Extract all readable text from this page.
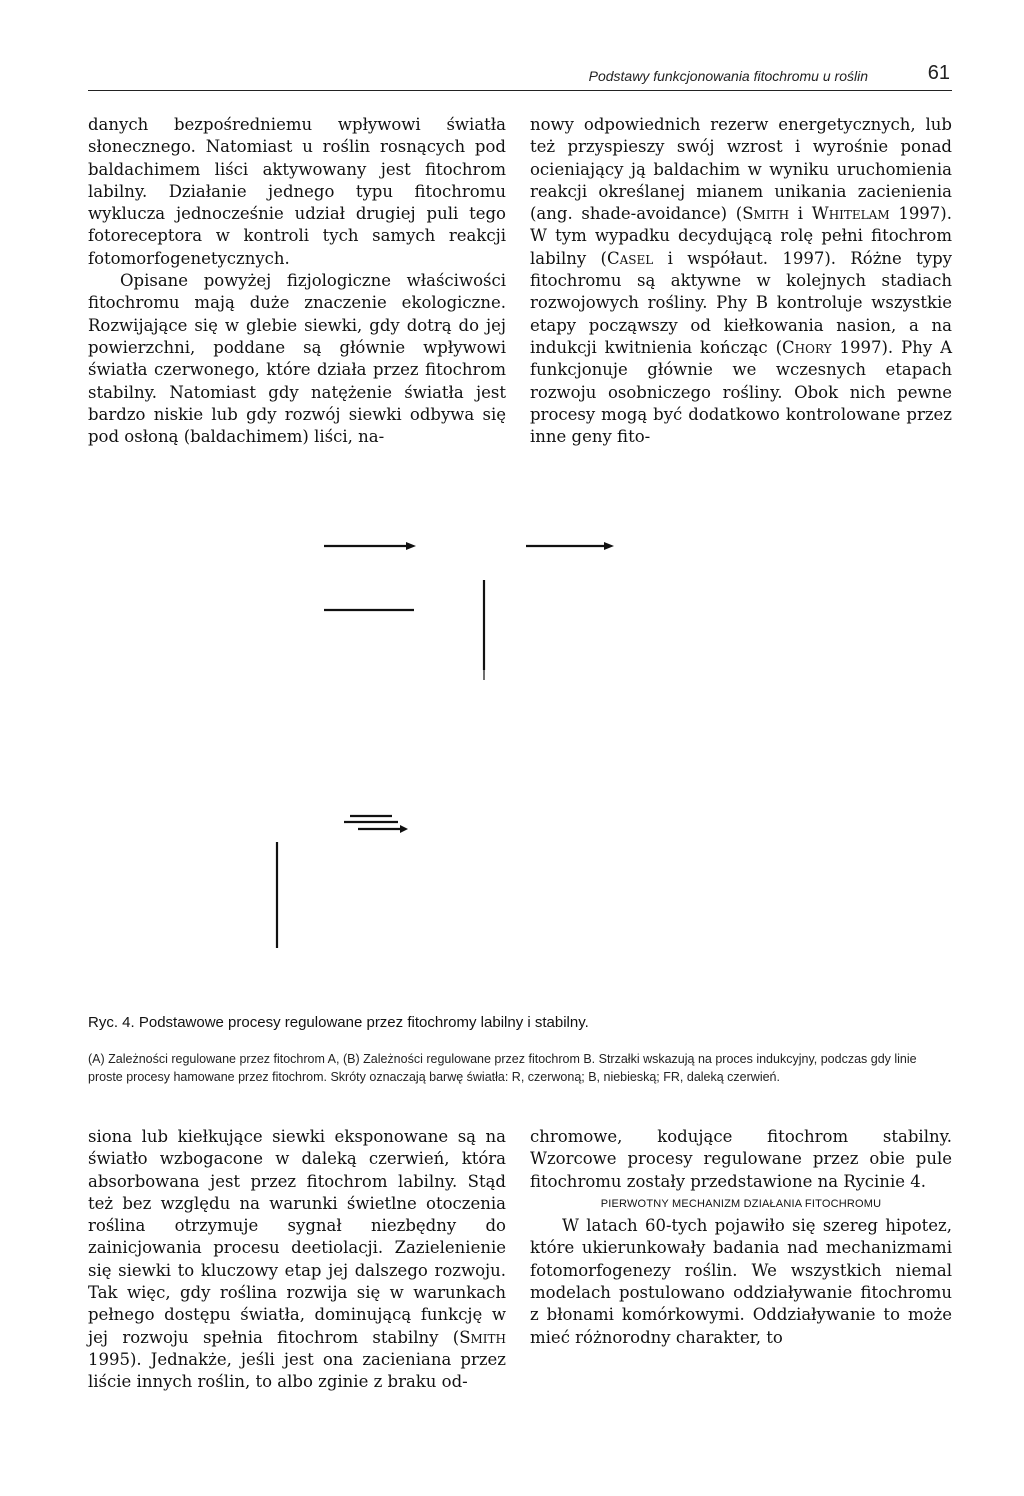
Podstawy funkcjonowania fitochromu u roślin	61

danych bezpośredniemu wpływowi światła słonecznego. Natomiast u roślin rosnących pod baldachimem liści aktywowany jest fitochrom labilny. Działanie jednego typu fitochromu wyklucza jednocześnie udział drugiej puli tego fotoreceptora w kontroli tych samych reakcji fotomorfogenetycznych.

Opisane powyżej fizjologiczne właściwości fitochromu mają duże znaczenie ekologiczne. Rozwijające się w glebie siewki, gdy dotrą do jej powierzchni, poddane są głównie wpływowi światła czerwonego, które działa przez fitochrom stabilny. Natomiast gdy natężenie światła jest bardzo niskie lub gdy rozwój siewki odbywa się pod osłoną (baldachimem) liści, na-

nowy odpowiednich rezerw energetycznych, lub też przyspieszy swój wzrost i wyrośnie ponad ocieniający ją baldachim w wyniku uruchomienia reakcji określanej mianem unikania zacienienia (ang. shade-avoidance) (Smith i Whitelam 1997). W tym wypadku decydującą rolę pełni fitochrom labilny (Casel i współaut. 1997). Różne typy fitochromu są aktywne w kolejnych stadiach rozwojowych rośliny. Phy B kontroluje wszystkie etapy począwszy od kiełkowania nasion, a na indukcji kwitnienia kończąc (Chory 1997). Phy A funkcjonuje głównie we wczesnych etapach rozwoju osobniczego rośliny. Obok nich pewne procesy mogą być dodatkowo kontrolowane przez inne geny fito-

Ryc. 4. Podstawowe procesy regulowane przez fitochromy labilny i stabilny.
(A) Zależności regulowane przez fitochrom A, (B) Zależności regulowane przez fitochrom B. Strzałki wskazują na proces indukcyjny, podczas gdy linie proste procesy hamowane przez fitochrom. Skróty oznaczają barwę światła: R, czerwoną; B, niebieską; FR, daleką czerwień.

siona lub kiełkujące siewki eksponowane są na światło wzbogacone w daleką czerwień, która absorbowana jest przez fitochrom labilny. Stąd też bez względu na warunki świetlne otoczenia roślina otrzymuje sygnał niezbędny do zainicjowania procesu deetiolacji. Zazielenienie się siewki to kluczowy etap jej dalszego rozwoju. Tak więc, gdy roślina rozwija się w warunkach pełnego dostępu światła, dominującą funkcję w jej rozwoju spełnia fitochrom stabilny (Smith 1995). Jednakże, jeśli jest ona zacieniana przez liście innych roślin, to albo zginie z braku od-

chromowe, kodujące fitochrom stabilny. Wzorcowe procesy regulowane przez obie pule fitochromu zostały przedstawione na Rycinie 4.

PIERWOTNY MECHANIZM DZIAŁANIA FITOCHROMU

W latach 60-tych pojawiło się szereg hipotez, które ukierunkowały badania nad mechanizmami fotomorfogenezy roślin. We wszystkich niemal modelach postulowano oddziaływanie fitochromu z błonami komórkowymi. Oddziaływanie to może mieć różnorodny charakter, to
